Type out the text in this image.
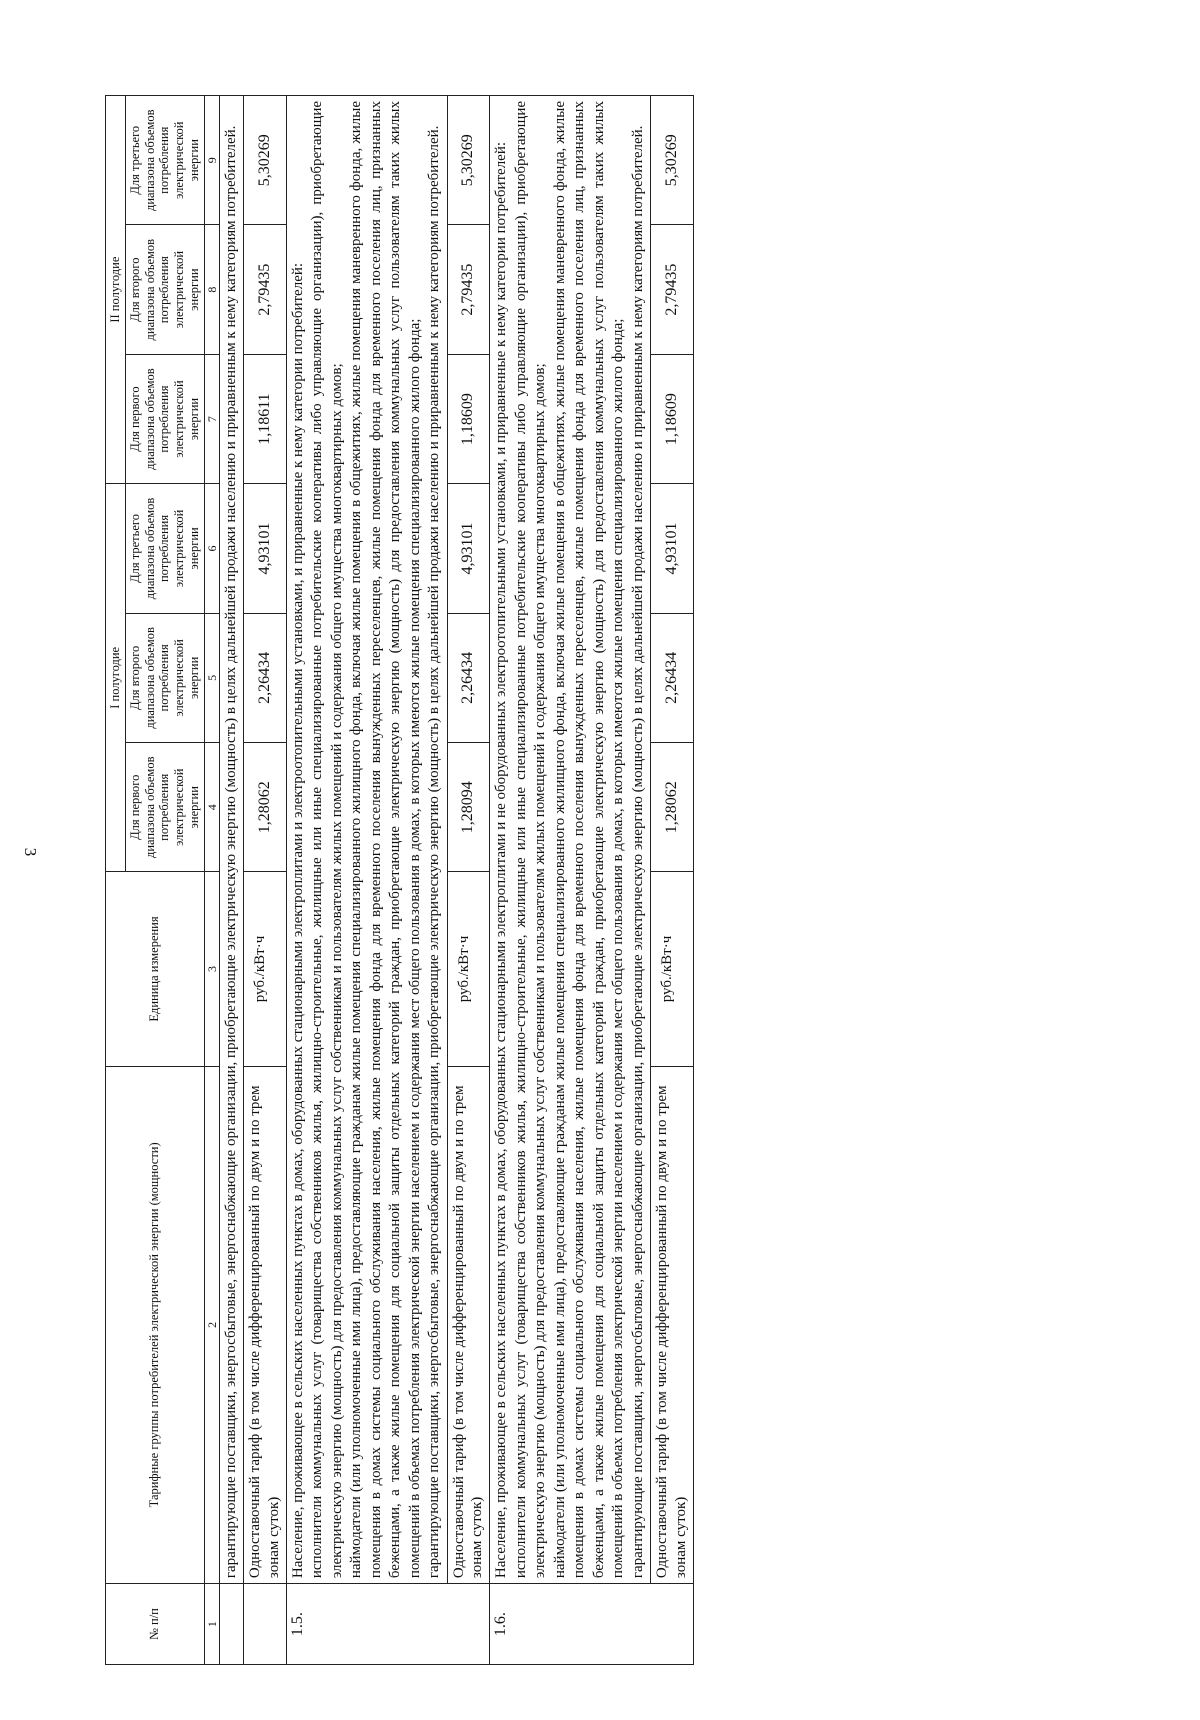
3
№ п/п	Тарифные группы потребителей электрической энергии (мощности)	Единица измерения	I полугодие			II полугодие		
			Для первого диапазона объемов потребления электрической энергии	Для второго диапазона объемов потребления электрической энергии	Для третьего диапазона объемов потребления электрической энергии	Для первого диапазона объемов потребления электрической энергии	Для второго диапазона объемов потребления электрической энергии	Для третьего диапазона объемов потребления электрической энергии
1	2	3	4	5	6	7	8	9
	гарантирующие поставщики, энергосбытовые, энергоснабжающие организации, приобретающие электрическую энергию (мощность) в целях дальнейшей продажи населению и приравненным к нему категориям потребителей.							
	Одноставочный тариф (в том числе дифференцированный по двум и по трем зонам суток)	руб./кВт·ч	1,28062	2,26434	4,93101	1,18611	2,79435	5,30269
1.5.	Население, проживающее в сельских населенных пунктах в домах, оборудованных стационарными электроплитами и электроотопительными установками, и приравненные к нему категории потребителей: исполнители коммунальных услуг (товарищества собственников жилья, жилищно-строительные, жилищные или иные специализированные потребительские кооперативы либо управляющие организации), приобретающие электрическую энергию (мощность) для предоставления коммунальных услуг собственникам и пользователям жилых помещений и содержания общего имущества многоквартирных домов; наймодатели (или уполномоченные ими лица), предоставляющие гражданам жилые помещения специализированного жилищного фонда, включая жилые помещения в общежитиях, жилые помещения маневренного фонда, жилые помещения в домах системы социального обслуживания населения, жилые помещения фонда для временного поселения вынужденных переселенцев, жилые помещения фонда для временного поселения лиц, признанных беженцами, а также жилые помещения для социальной защиты отдельных категорий граждан, приобретающие электрическую энергию (мощность) для предоставления коммунальных услуг пользователям таких жилых помещений в объемах потребления электрической энергии населением и содержания мест общего пользования в домах, в которых имеются жилые помещения специализированного жилого фонда; гарантирующие поставщики, энергосбытовые, энергоснабжающие организации, приобретающие электрическую энергию (мощность) в целях дальнейшей продажи населению и приравненным к нему категориям потребителей.							

	Одноставочный тариф (в том числе дифференцированный по двум и по трем зонам суток)	руб./кВт·ч	1,28094	2,26434	4,93101	1,18609	2,79435	5,30269
1.6.	Население, проживающее в сельских населенных пунктах в домах, оборудованных стационарными электроплитами и не оборудованных электроотопительными установками, и приравненные к нему категории потребителей: исполнители коммунальных услуг (товарищества собственников жилья, жилищно-строительные, жилищные или иные специализированные потребительские кооперативы либо управляющие организации), приобретающие электрическую энергию (мощность) для предоставления коммунальных услуг собственникам и пользователям жилых помещений и содержания общего имущества многоквартирных домов; наймодатели (или уполномоченные ими лица), предоставляющие гражданам жилые помещения специализированного жилищного фонда, включая жилые помещения в общежитиях, жилые помещения маневренного фонда, жилые помещения в домах системы социального обслуживания населения, жилые помещения фонда для временного поселения вынужденных переселенцев, жилые помещения фонда для временного поселения лиц, признанных беженцами, а также жилые помещения для социальной защиты отдельных категорий граждан, приобретающие электрическую энергию (мощность) для предоставления коммунальных услуг пользователям таких жилых помещений в объемах потребления электрической энергии населением и содержания мест общего пользования в домах, в которых имеются жилые помещения специализированного жилого фонда; гарантирующие поставщики, энергосбытовые, энергоснабжающие организации, приобретающие электрическую энергию (мощность) в целях дальнейшей продажи населению и приравненным к нему категориям потребителей.							

	Одноставочный тариф (в том числе дифференцированный по двум и по трем зонам суток)	руб./кВт·ч	1,28062	2,26434	4,93101	1,18609	2,79435	5,30269
